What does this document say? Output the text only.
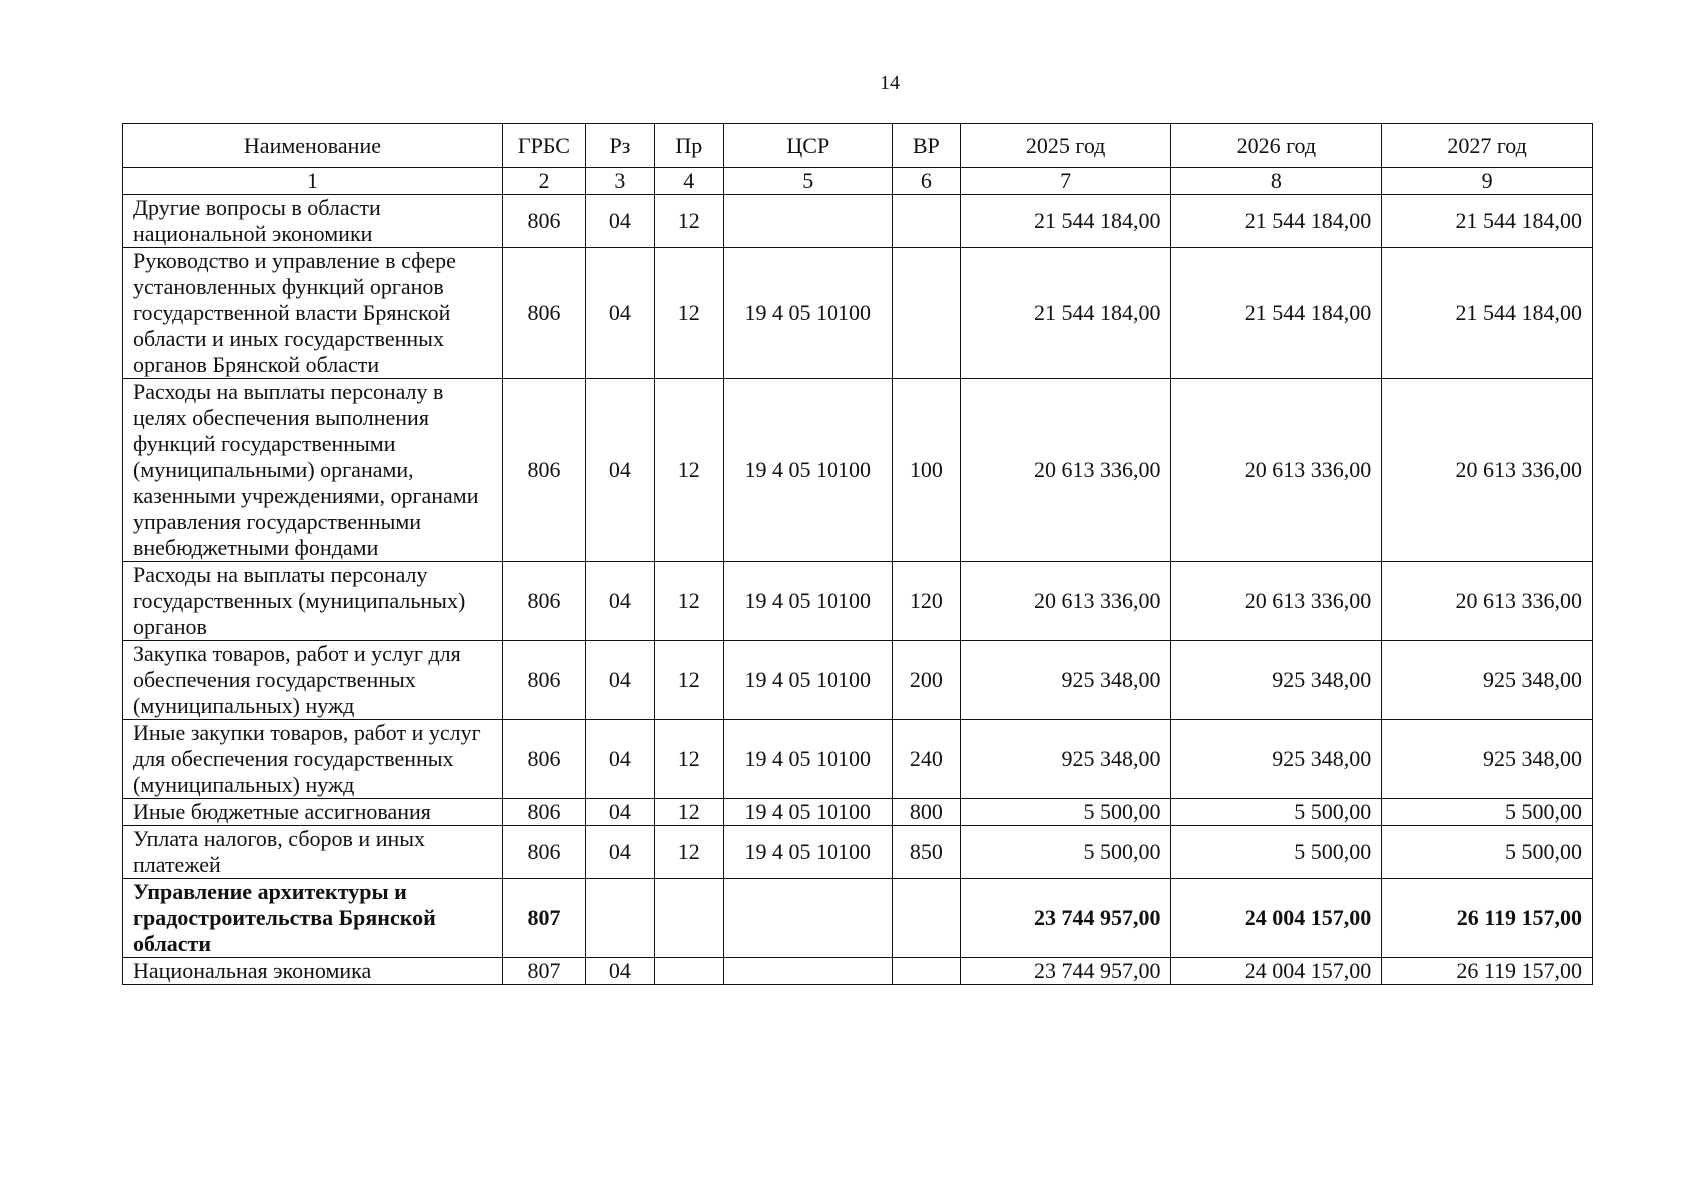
14
Наименование	ГРБС	Рз	Пр	ЦСР	ВР	2025 год	2026 год	2027 год
1	2	3	4	5	6	7	8	9
Другие вопросы в области национальной экономики	806	04	12			21 544 184,00	21 544 184,00	21 544 184,00
Руководство и управление в сфере установленных функций органов государственной власти Брянской области и иных государственных органов Брянской области	806	04	12	19 4 05 10100		21 544 184,00	21 544 184,00	21 544 184,00
Расходы на выплаты персоналу в целях обеспечения выполнения функций государственными (муниципальными) органами, казенными учреждениями, органами управления государственными внебюджетными фондами	806	04	12	19 4 05 10100	100	20 613 336,00	20 613 336,00	20 613 336,00
Расходы на выплаты персоналу государственных (муниципальных) органов	806	04	12	19 4 05 10100	120	20 613 336,00	20 613 336,00	20 613 336,00
Закупка товаров, работ и услуг для обеспечения государственных (муниципальных) нужд	806	04	12	19 4 05 10100	200	925 348,00	925 348,00	925 348,00
Иные закупки товаров, работ и услуг для обеспечения государственных (муниципальных) нужд	806	04	12	19 4 05 10100	240	925 348,00	925 348,00	925 348,00
Иные бюджетные ассигнования	806	04	12	19 4 05 10100	800	5 500,00	5 500,00	5 500,00
Уплата налогов, сборов и иных платежей	806	04	12	19 4 05 10100	850	5 500,00	5 500,00	5 500,00
Управление архитектуры и градостроительства Брянской области	807					23 744 957,00	24 004 157,00	26 119 157,00
Национальная экономика	807	04				23 744 957,00	24 004 157,00	26 119 157,00
